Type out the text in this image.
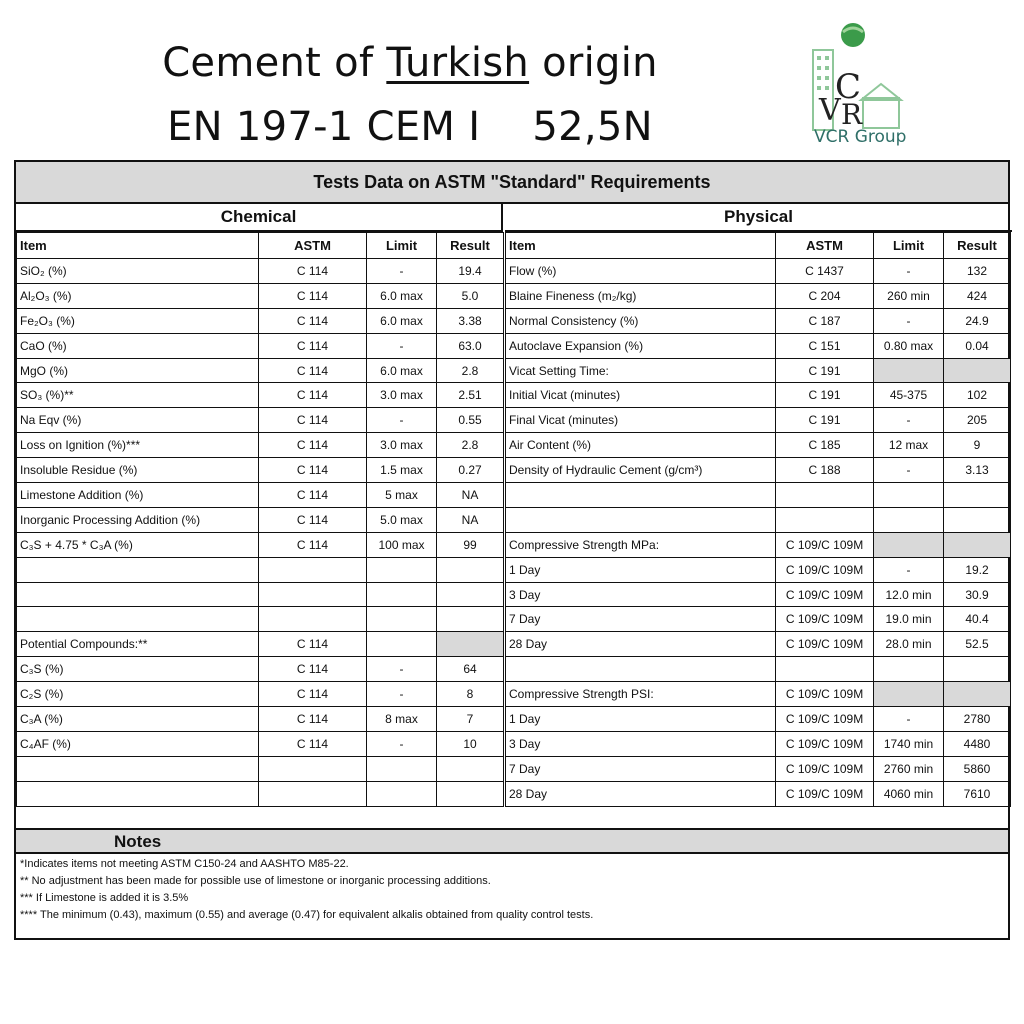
Cement of Turkish origin
EN 197-1 CEM I    52,5N
C
V R
VCR Group
Tests Data on ASTM "Standard" Requirements
Chemical	Physical
Item	ASTM	Limit	Result
SiO₂ (%)	C 114	-	19.4
Al₂O₃ (%)	C 114	6.0 max	5.0
Fe₂O₃ (%)	C 114	6.0 max	3.38
CaO (%)	C 114	-	63.0
MgO (%)	C 114	6.0 max	2.8
SO₃ (%)**	C 114	3.0 max	2.51
Na Eqv (%)	C 114	-	0.55
Loss on Ignition (%)***	C 114	3.0 max	2.8
Insoluble Residue (%)	C 114	1.5 max	0.27
Limestone Addition (%)	C 114	5 max	NA
Inorganic Processing Addition (%)	C 114	5.0 max	NA
C₃S + 4.75 * C₃A (%)	C 114	100 max	99

Potential Compounds:**	C 114		
C₃S (%)	C 114	-	64
C₂S (%)	C 114	-	8
C₃A (%)	C 114	8 max	7
C₄AF (%)	C 114	-	10

Item	ASTM	Limit	Result
Flow (%)	C 1437	-	132
Blaine Fineness (m₂/kg)	C 204	260 min	424
Normal Consistency (%)	C 187	-	24.9
Autoclave Expansion (%)	C 151	0.80 max	0.04
Vicat Setting Time:	C 191		
Initial Vicat (minutes)	C 191	45-375	102
Final Vicat (minutes)	C 191	-	205
Air Content (%)	C 185	12 max	9
Density of Hydraulic Cement (g/cm³)	C 188	-	3.13

Compressive Strength MPa:	C 109/C 109M		
1 Day	C 109/C 109M	-	19.2
3 Day	C 109/C 109M	12.0 min	30.9
7 Day	C 109/C 109M	19.0 min	40.4
28 Day	C 109/C 109M	28.0 min	52.5

Compressive Strength PSI:	C 109/C 109M		
1 Day	C 109/C 109M	-	2780
3 Day	C 109/C 109M	1740 min	4480
7 Day	C 109/C 109M	2760 min	5860
28 Day	C 109/C 109M	4060 min	7610
Notes
*Indicates items not meeting ASTM C150-24 and AASHTO M85-22.
** No adjustment has been made for possible use of limestone or inorganic processing additions.
*** If Limestone is added it is 3.5%
**** The minimum (0.43), maximum (0.55) and average (0.47) for equivalent alkalis obtained from quality control tests.
